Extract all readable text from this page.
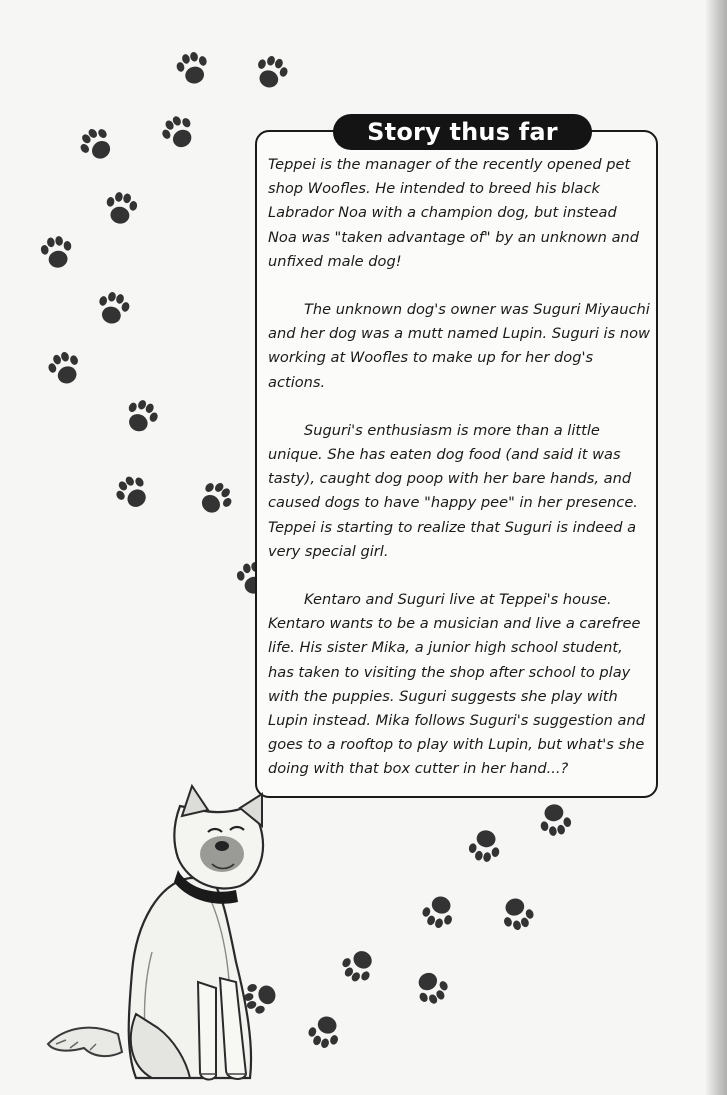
Story thus far

Teppei is the manager of the recently opened pet shop Woofles. He intended to breed his black Labrador Noa with a champion dog, but instead Noa was "taken advantage of" by an unknown and unfixed male dog!

The unknown dog's owner was Suguri Miyauchi and her dog was a mutt named Lupin. Suguri is now working at Woofles to make up for her dog's actions.

Suguri's enthusiasm is more than a little unique. She has eaten dog food (and said it was tasty), caught dog poop with her bare hands, and caused dogs to have "happy pee" in her presence. Teppei is starting to realize that Suguri is indeed a very special girl.

Kentaro and Suguri live at Teppei's house. Kentaro wants to be a musician and live a carefree life. His sister Mika, a junior high school student, has taken to visiting the shop after school to play with the puppies. Suguri suggests she play with Lupin instead. Mika follows Suguri's suggestion and goes to a rooftop to play with Lupin, but what's she doing with that box cutter in her hand...?
